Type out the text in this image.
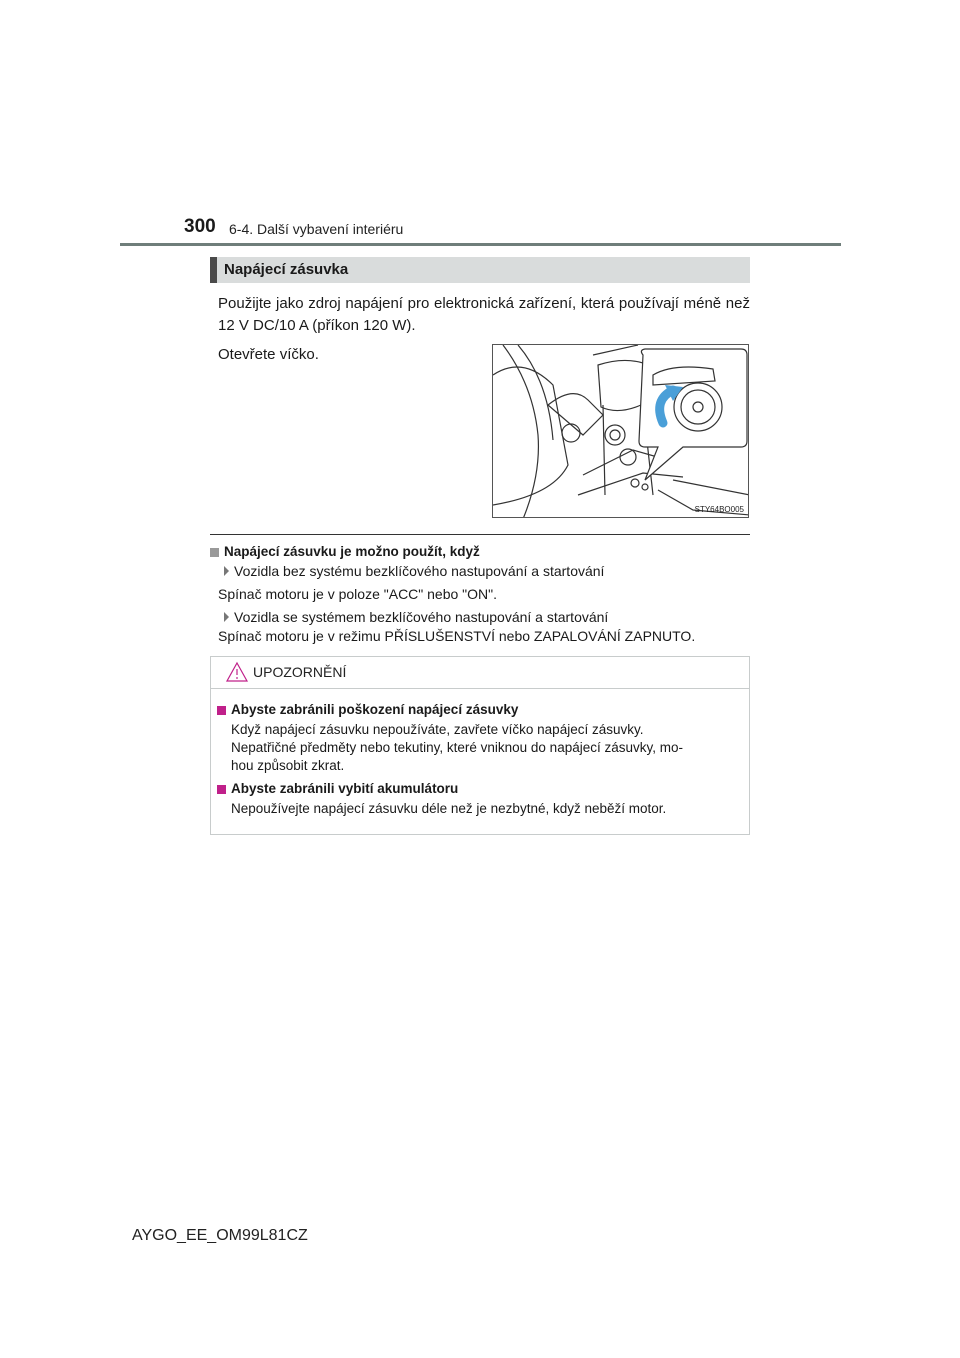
300 6-4. Další vybavení interiéru
Napájecí zásuvka
Použijte jako zdroj napájení pro elektronická zařízení, která používají méně než 12 V DC/10 A (příkon 120 W).
Otevřete víčko.
STY64BO005
Napájecí zásuvku je možno použít, když
Vozidla bez systému bezklíčového nastupování a startování
Spínač motoru je v poloze "ACC" nebo "ON".
Vozidla se systémem bezklíčového nastupování a startování
Spínač motoru je v režimu PŘÍSLUŠENSTVÍ nebo ZAPALOVÁNÍ ZAPNUTO.
UPOZORNĚNÍ
Abyste zabránili poškození napájecí zásuvky
Když napájecí zásuvku nepoužíváte, zavřete víčko napájecí zásuvky.
Nepatřičné předměty nebo tekutiny, které vniknou do napájecí zásuvky, mo-
hou způsobit zkrat.
Abyste zabránili vybití akumulátoru
Nepoužívejte napájecí zásuvku déle než je nezbytné, když neběží motor.
AYGO_EE_OM99L81CZ
